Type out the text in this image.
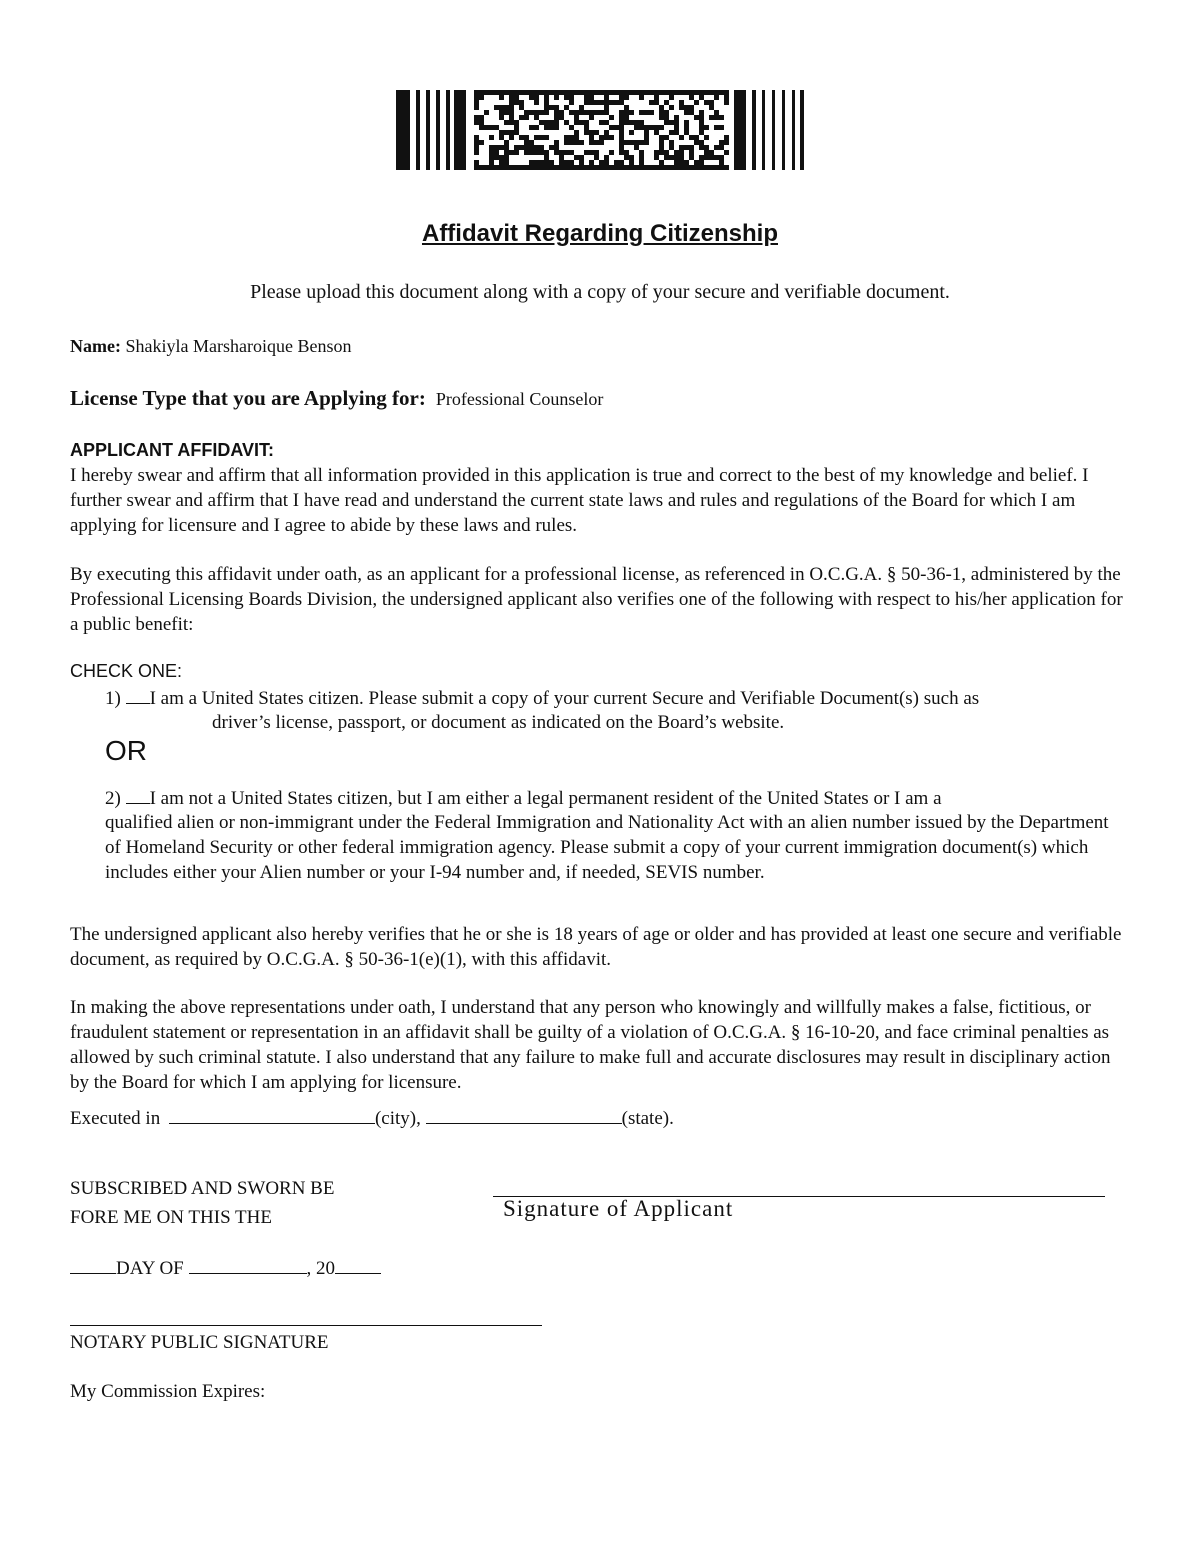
Affidavit Regarding Citizenship
Please upload this document along with a copy of your secure and verifiable document.
Name: Shakiyla Marsharoique Benson
License Type that you are Applying for: Professional Counselor
APPLICANT AFFIDAVIT:
I hereby swear and affirm that all information provided in this application is true and correct to the best of my knowledge and belief. I further swear and affirm that I have read and understand the current state laws and rules and regulations of the Board for which I am applying for licensure and I agree to abide by these laws and rules.
By executing this affidavit under oath, as an applicant for a professional license, as referenced in O.C.G.A. § 50-36-1, administered by the Professional Licensing Boards Division, the undersigned applicant also verifies one of the following with respect to his/her application for a public benefit:
CHECK ONE:
1) I am a United States citizen. Please submit a copy of your current Secure and Verifiable Document(s) such as
driver’s license, passport, or document as indicated on the Board’s website.
OR
2) I am not a United States citizen, but I am either a legal permanent resident of the United States or I am a
qualified alien or non-immigrant under the Federal Immigration and Nationality Act with an alien number issued by the Department of Homeland Security or other federal immigration agency. Please submit a copy of your current immigration document(s) which includes either your Alien number or your I-94 number and, if needed, SEVIS number.
The undersigned applicant also hereby verifies that he or she is 18 years of age or older and has provided at least one secure and verifiable document, as required by O.C.G.A. § 50-36-1(e)(1), with this affidavit.
In making the above representations under oath, I understand that any person who knowingly and willfully makes a false, fictitious, or fraudulent statement or representation in an affidavit shall be guilty of a violation of O.C.G.A. § 16-10-20, and face criminal penalties as allowed by such criminal statute. I also understand that any failure to make full and accurate disclosures may result in disciplinary action by the Board for which I am applying for licensure.
Executed in	(city),	(state).
SUBSCRIBED AND SWORN BE
FORE ME ON THIS THE	Signature of Applicant
DAY OF	, 20
NOTARY PUBLIC SIGNATURE
My Commission Expires:
